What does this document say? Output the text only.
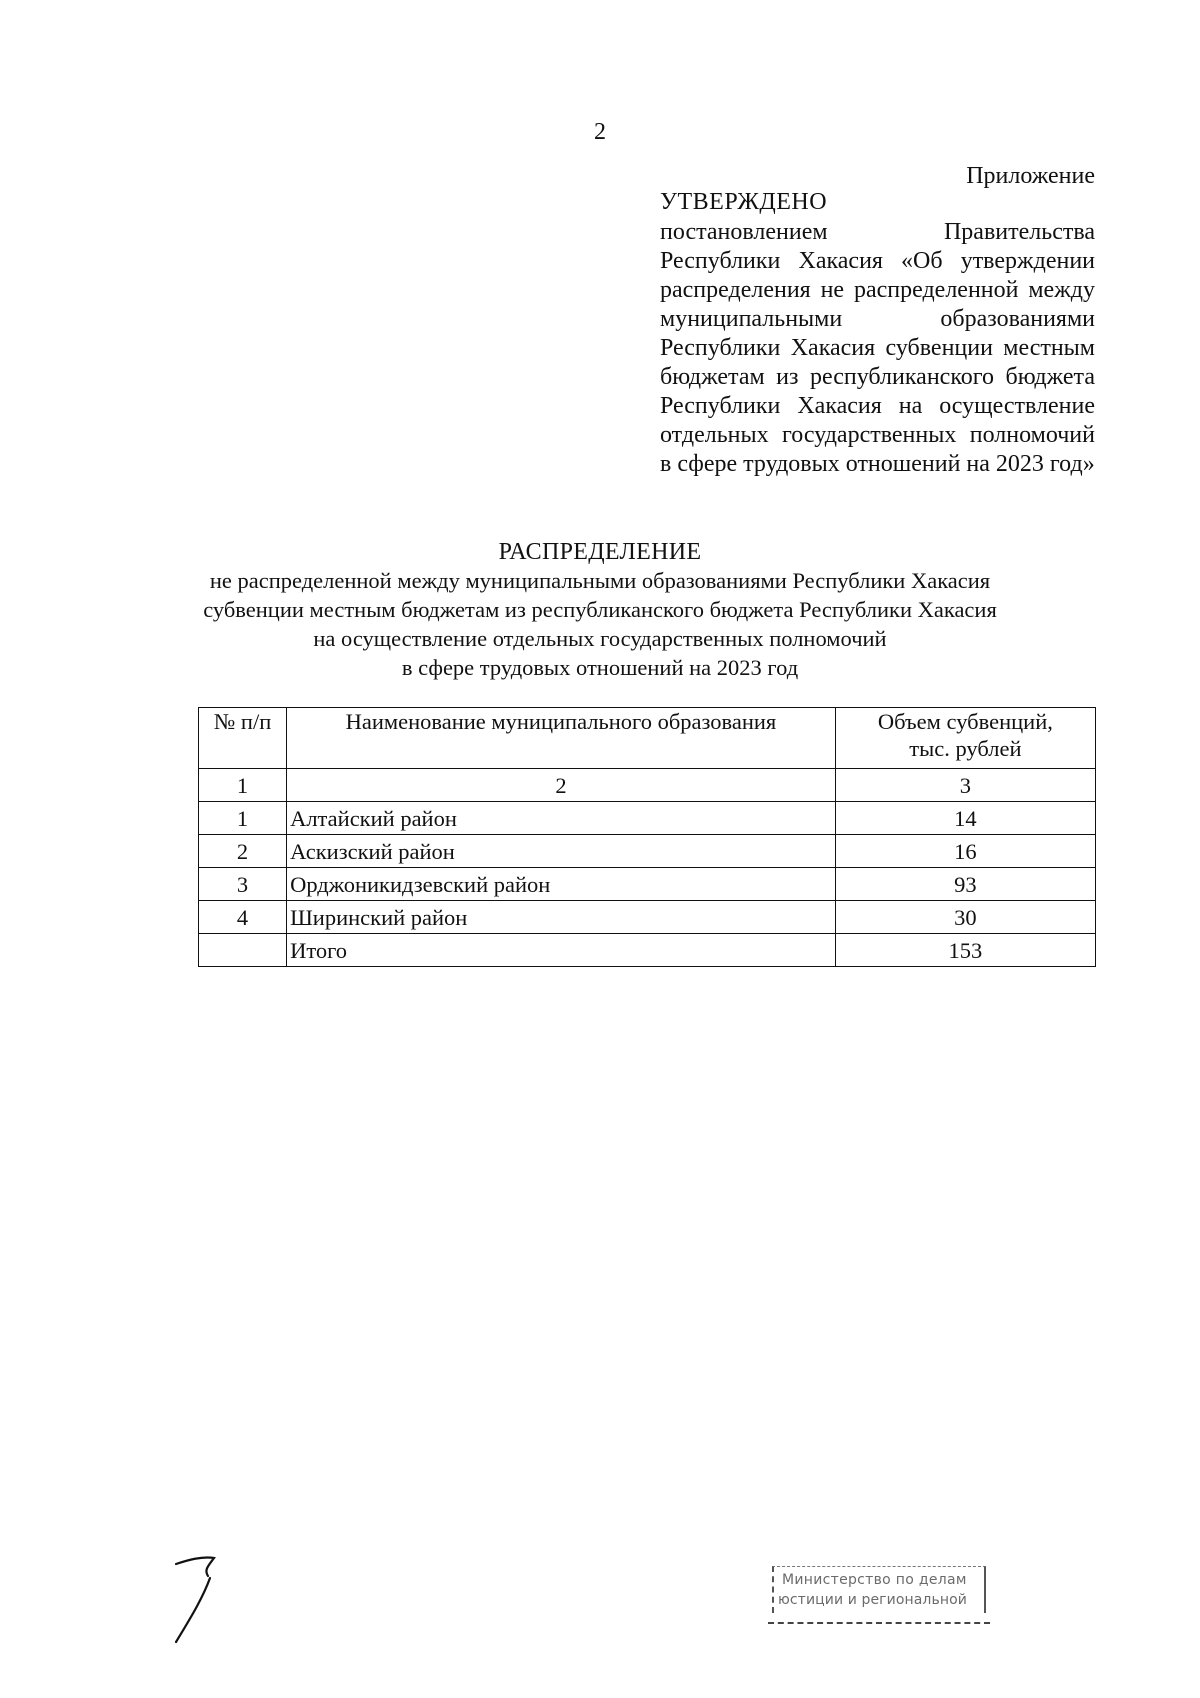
2
Приложение
УТВЕРЖДЕНО
постановлением Правительства Республики Хакасия «Об утверждении распределения не распределенной между муниципальными образованиями Республики Хакасия субвенции местным бюджетам из республиканского бюджета Республики Хакасия на осуществление отдельных государственных полномочий в сфере трудовых отношений на 2023 год»
РАСПРЕДЕЛЕНИЕ
не распределенной между муниципальными образованиями Республики Хакасия
субвенции местным бюджетам из республиканского бюджета Республики Хакасия
на осуществление отдельных государственных полномочий
в сфере трудовых отношений на 2023 год
№ п/п	Наименование муниципального образования	Объем субвенций,
тыс. рублей

1	2	3
1	Алтайский район	14
2	Аскизский район	16
3	Орджоникидзевский район	93
4	Ширинский район	30
	Итого	153
Министерство по делам
юстиции и региональной
